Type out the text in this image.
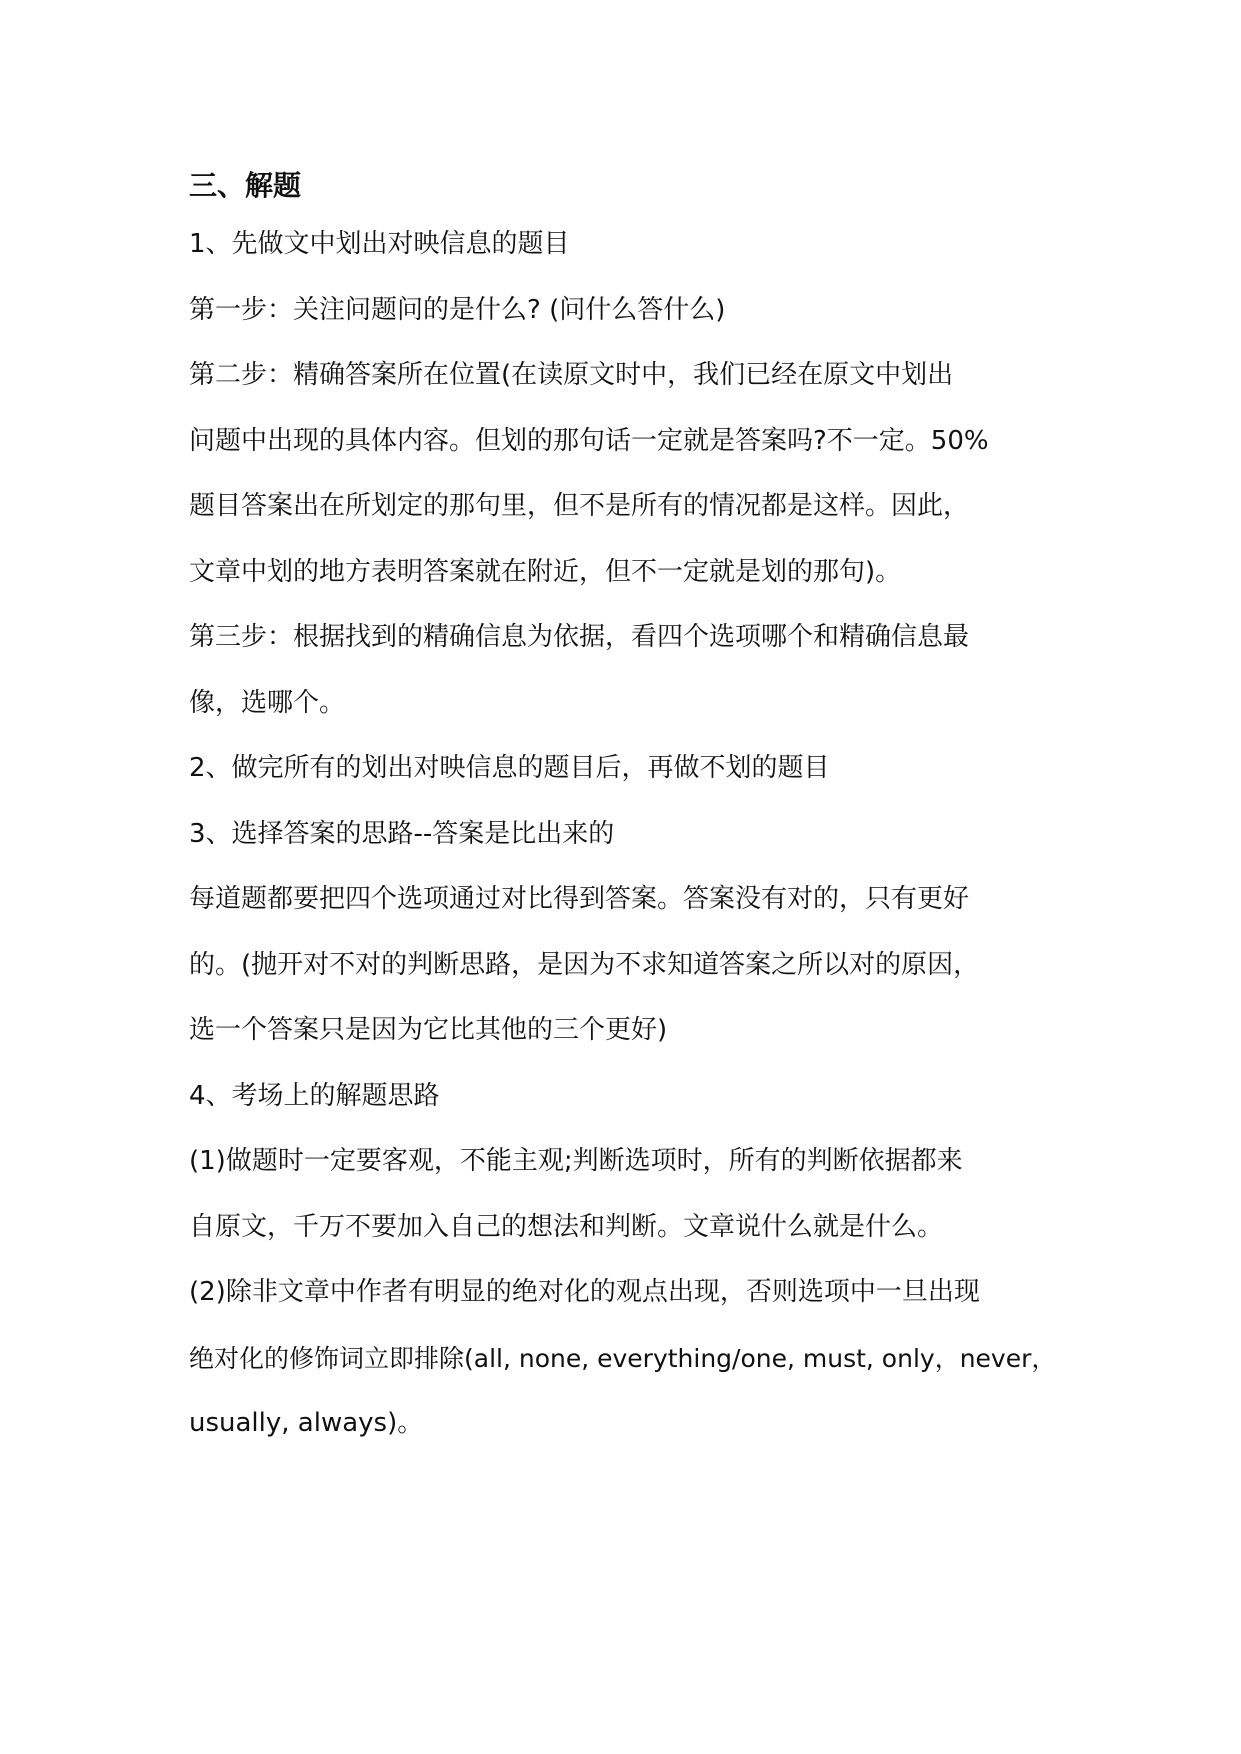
三、解题
1、先做文中划出对映信息的题目
第一步：关注问题问的是什么? (问什么答什么)
第二步：精确答案所在位置(在读原文时中，我们已经在原文中划出
问题中出现的具体内容。但划的那句话一定就是答案吗?不一定。50%
题目答案出在所划定的那句里，但不是所有的情况都是这样。因此，
文章中划的地方表明答案就在附近，但不一定就是划的那句)。
第三步：根据找到的精确信息为依据，看四个选项哪个和精确信息最
像，选哪个。
2、做完所有的划出对映信息的题目后，再做不划的题目
3、选择答案的思路--答案是比出来的
每道题都要把四个选项通过对比得到答案。答案没有对的，只有更好
的。(抛开对不对的判断思路，是因为不求知道答案之所以对的原因，
选一个答案只是因为它比其他的三个更好)
4、考场上的解题思路
(1)做题时一定要客观，不能主观;判断选项时，所有的判断依据都来
自原文，千万不要加入自己的想法和判断。文章说什么就是什么。
(2)除非文章中作者有明显的绝对化的观点出现，否则选项中一旦出现
绝对化的修饰词立即排除(all, none, everything/one, must, only，never，
usually, always)。
